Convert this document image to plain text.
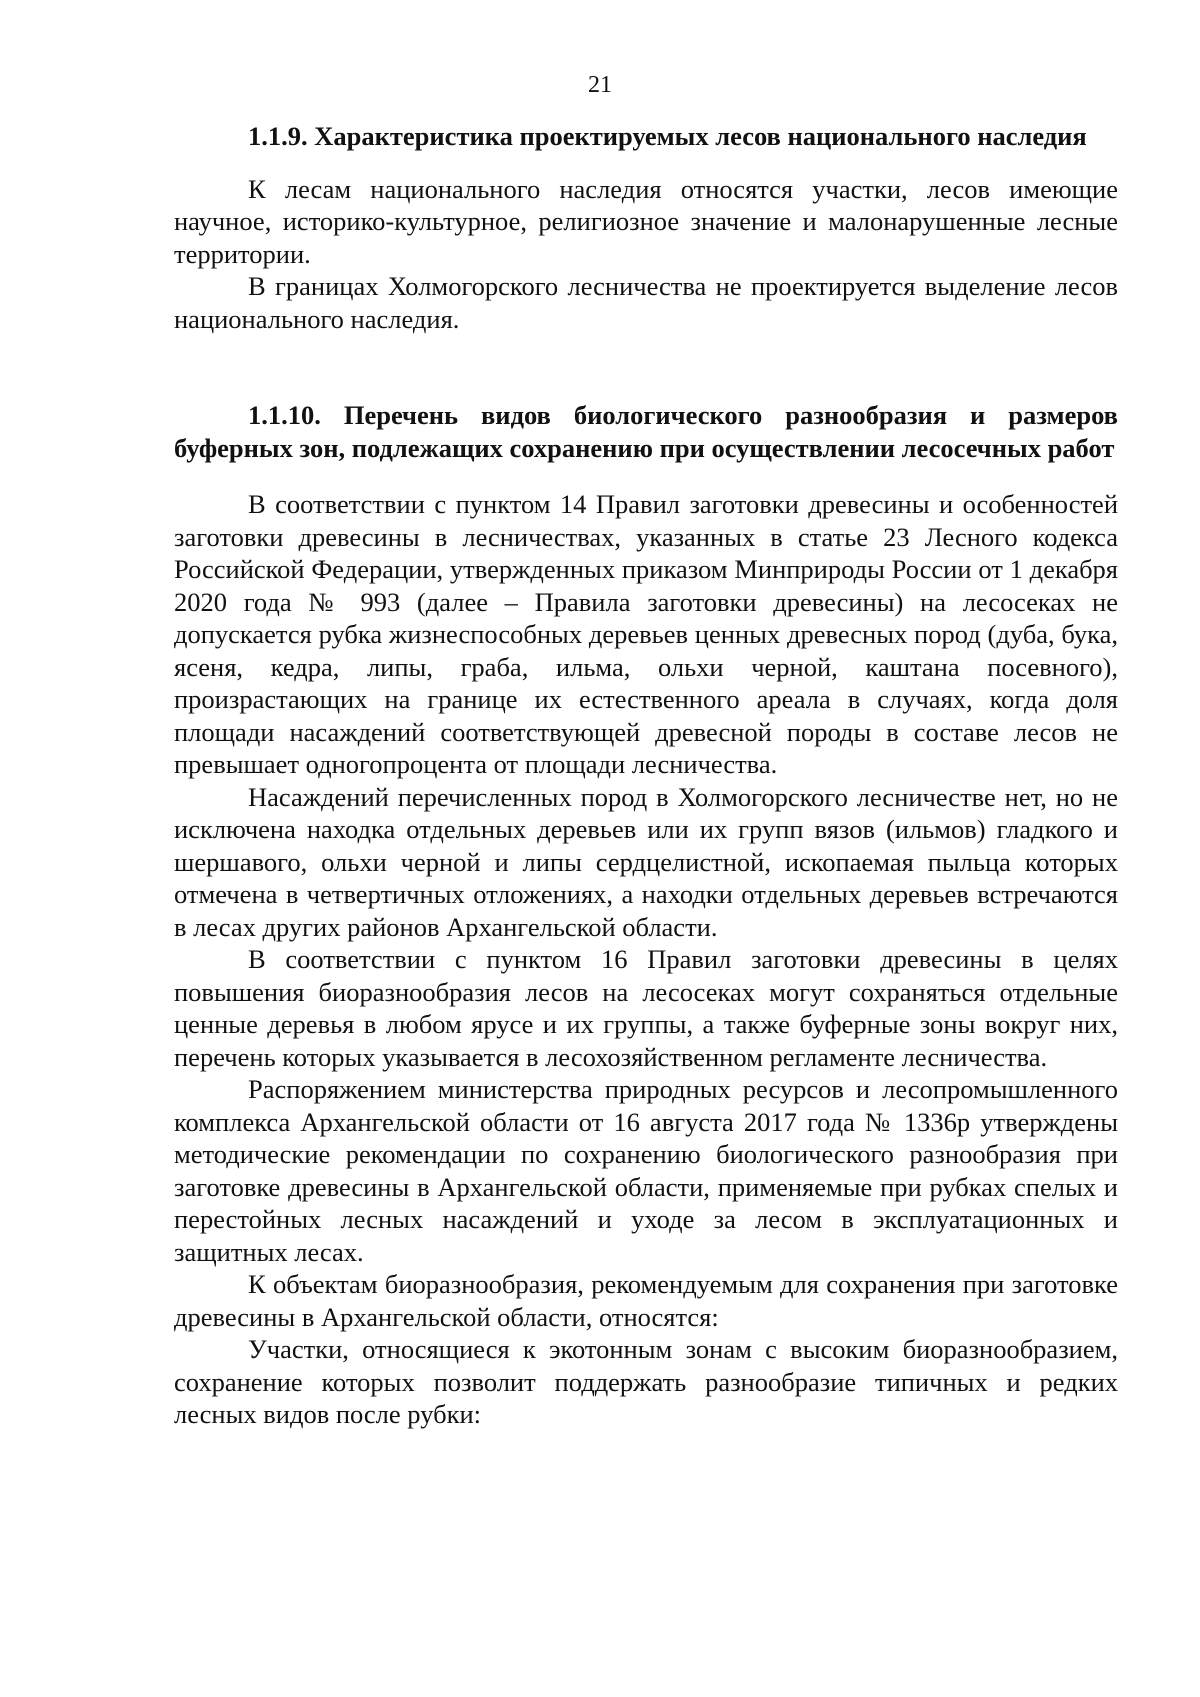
21

1.1.9. Характеристика проектируемых лесов национального наследия

К лесам национального наследия относятся участки, лесов имеющие научное, историко-культурное, религиозное значение и малонарушенные лесные территории.

В границах Холмогорского лесничества не проектируется выделение лесов национального наследия.

1.1.10. Перечень видов биологического разнообразия и размеров буферных зон, подлежащих сохранению при осуществлении лесосечных работ

В соответствии с пунктом 14 Правил заготовки древесины и особенностей заготовки древесины в лесничествах, указанных в статье 23 Лесного кодекса Российской Федерации, утвержденных приказом Минприроды России от 1 декабря 2020 года № 993 (далее – Правила заготовки древесины) на лесосеках не допускается рубка жизнеспособных деревьев ценных древесных пород (дуба, бука, ясеня, кедра, липы, граба, ильма, ольхи черной, каштана посевного), произрастающих на границе их естественного ареала в случаях, когда доля площади насаждений соответствующей древесной породы в составе лесов не превышает одногопроцента от площади лесничества.

Насаждений перечисленных пород в Холмогорского лесничестве нет, но не исключена находка отдельных деревьев или их групп вязов (ильмов) гладкого и шершавого, ольхи черной и липы сердцелистной, ископаемая пыльца которых отмечена в четвертичных отложениях, а находки отдельных деревьев встречаются в лесах других районов Архангельской области.

В соответствии с пунктом 16 Правил заготовки древесины в целях повышения биоразнообразия лесов на лесосеках могут сохраняться отдельные ценные деревья в любом ярусе и их группы, а также буферные зоны вокруг них, перечень которых указывается в лесохозяйственном регламенте лесничества.

Распоряжением министерства природных ресурсов и лесопромышленного комплекса Архангельской области от 16 августа 2017 года № 1336р утверждены методические рекомендации по сохранению биологического разнообразия при заготовке древесины в Архангельской области, применяемые при рубках спелых и перестойных лесных насаждений и уходе за лесом в эксплуатационных и защитных лесах.

К объектам биоразнообразия, рекомендуемым для сохранения при заготовке древесины в Архангельской области, относятся:

Участки, относящиеся к экотонным зонам с высоким биоразнообразием, сохранение которых позволит поддержать разнообразие типичных и редких лесных видов после рубки:
